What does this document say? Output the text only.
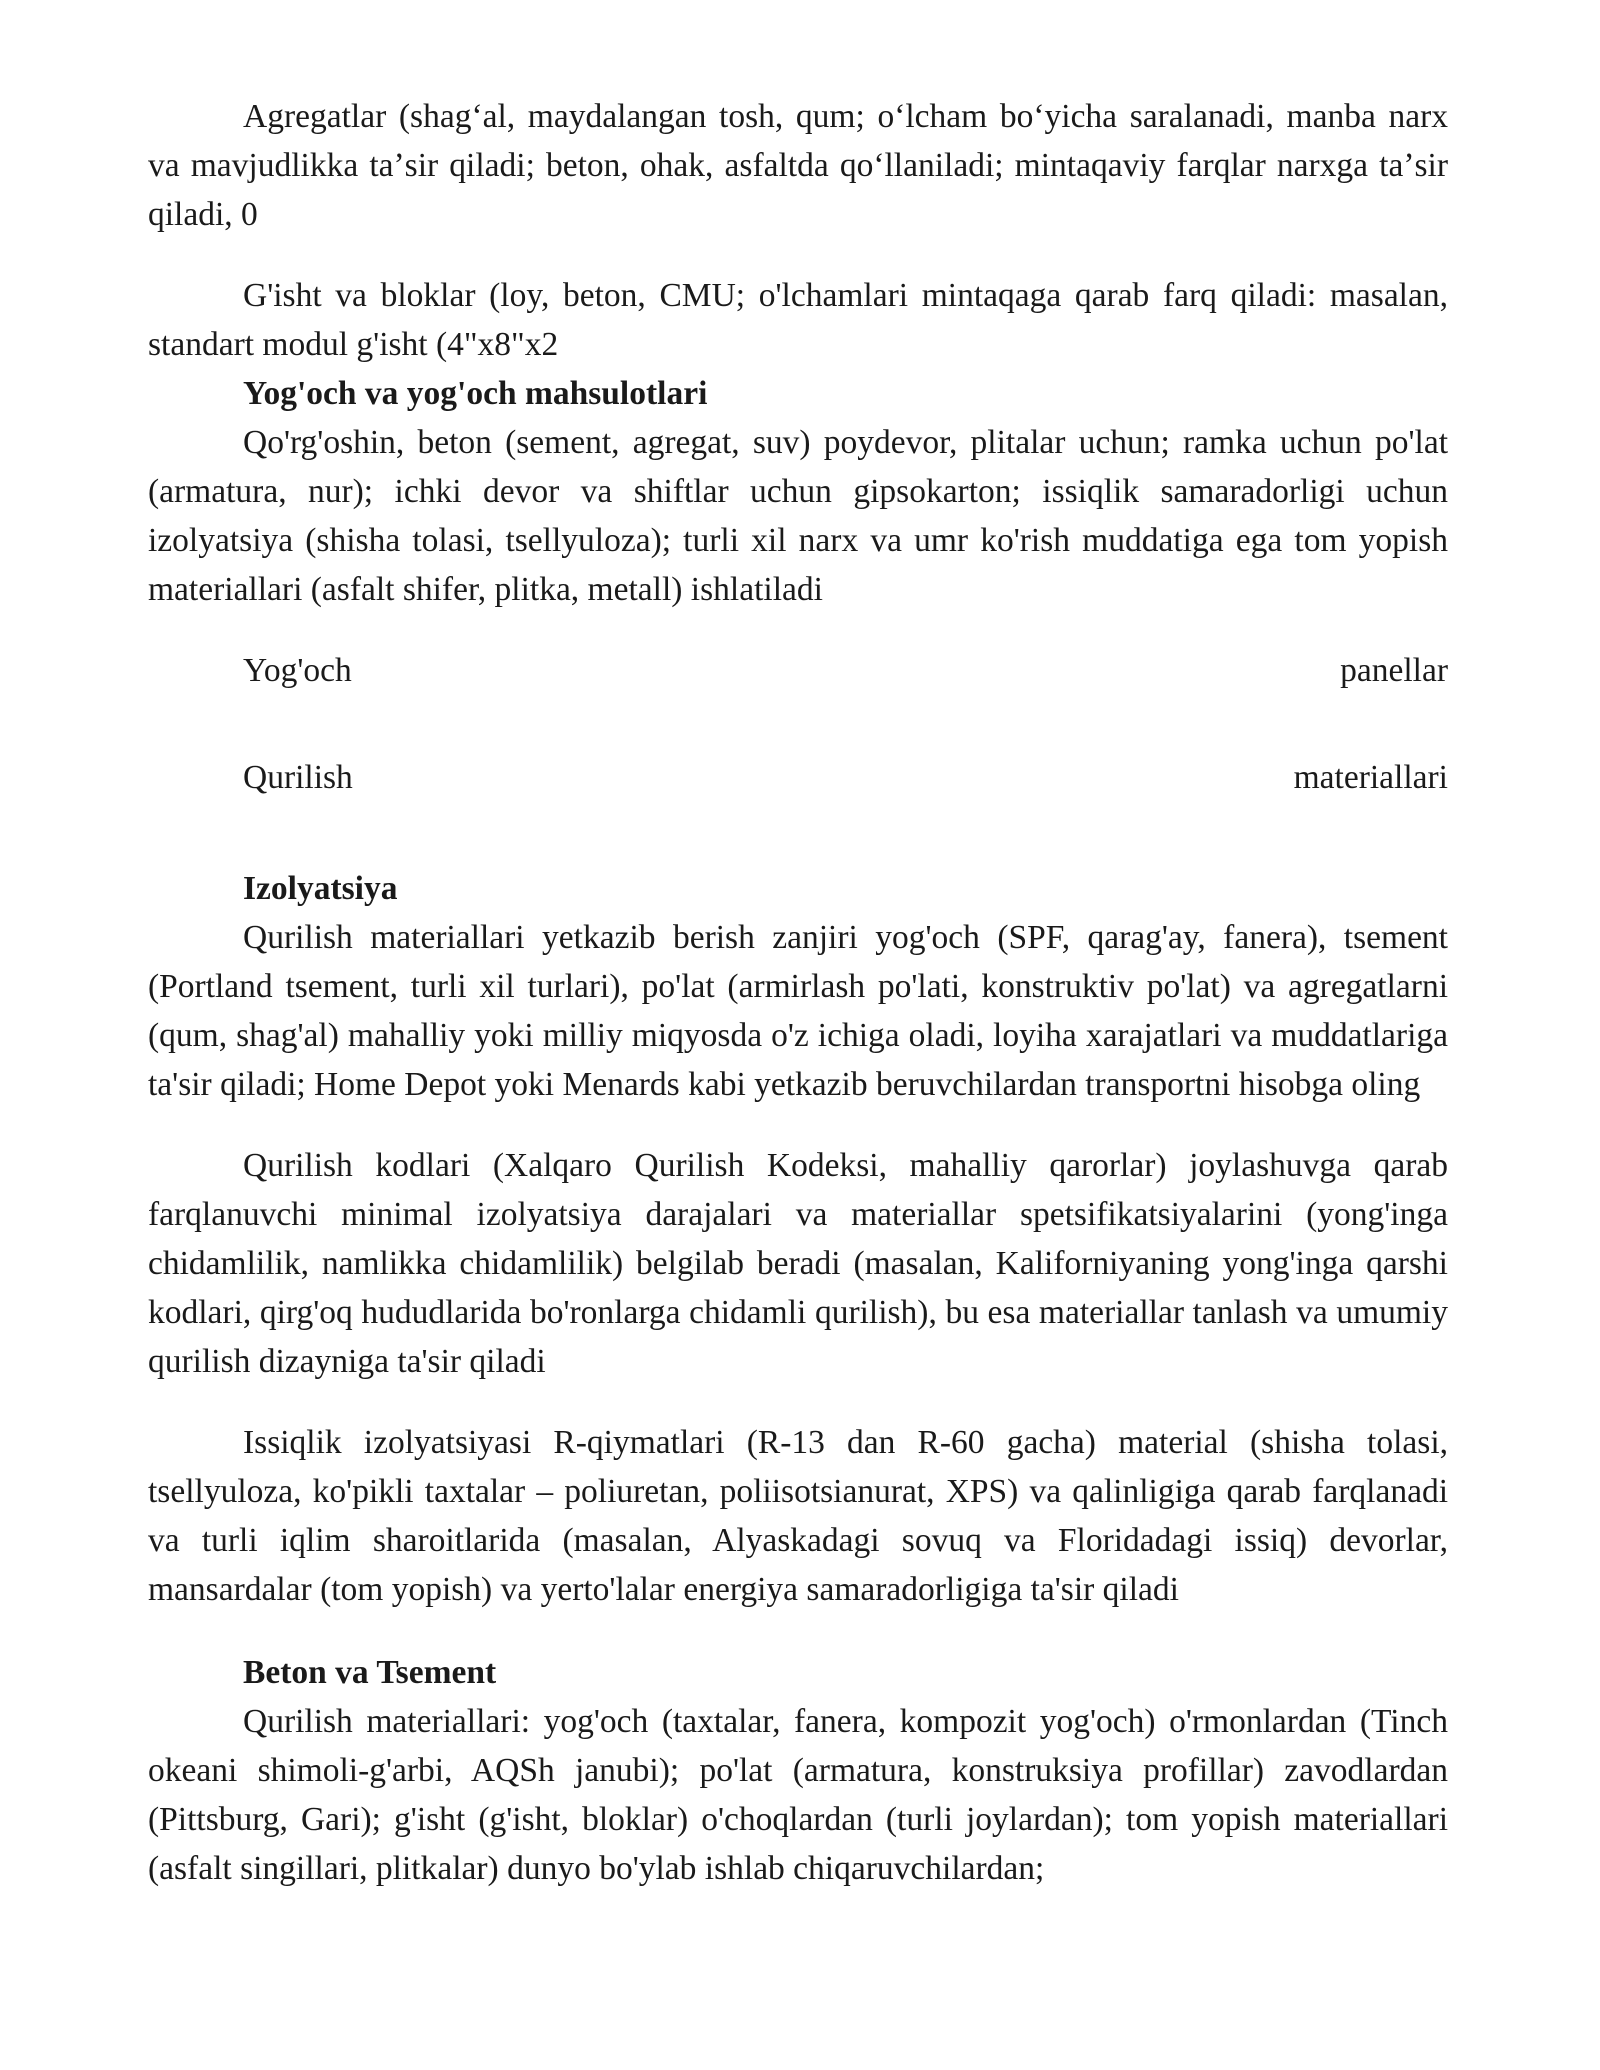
Agregatlar (shagʻal, maydalangan tosh, qum; oʻlcham boʻyicha saralanadi, manba narx va mavjudlikka taʼsir qiladi; beton, ohak, asfaltda qoʻllaniladi; mintaqaviy farqlar narxga taʼsir qiladi, 0

G'isht va bloklar (loy, beton, CMU; o'lchamlari mintaqaga qarab farq qiladi: masalan, standart modul g'isht (4"x8"x2

Yog'och va yog'och mahsulotlari

Qo'rg'oshin, beton (sement, agregat, suv) poydevor, plitalar uchun; ramka uchun po'lat (armatura, nur); ichki devor va shiftlar uchun gipsokarton; issiqlik samaradorligi uchun izolyatsiya (shisha tolasi, tsellyuloza); turli xil narx va umr ko'rish muddatiga ega tom yopish materiallari (asfalt shifer, plitka, metall) ishlatiladi

Yog'och	panellar
Qurilish	materiallari
Izolyatsiya

Qurilish materiallari yetkazib berish zanjiri yog'och (SPF, qarag'ay, fanera), tsement (Portland tsement, turli xil turlari), po'lat (armirlash po'lati, konstruktiv po'lat) va agregatlarni (qum, shag'al) mahalliy yoki milliy miqyosda o'z ichiga oladi, loyiha xarajatlari va muddatlariga ta'sir qiladi; Home Depot yoki Menards kabi yetkazib beruvchilardan transportni hisobga oling

Qurilish kodlari (Xalqaro Qurilish Kodeksi, mahalliy qarorlar) joylashuvga qarab farqlanuvchi minimal izolyatsiya darajalari va materiallar spetsifikatsiyalarini (yong'inga chidamlilik, namlikka chidamlilik) belgilab beradi (masalan, Kaliforniyaning yong'inga qarshi kodlari, qirg'oq hududlarida bo'ronlarga chidamli qurilish), bu esa materiallar tanlash va umumiy qurilish dizayniga ta'sir qiladi

Issiqlik izolyatsiyasi R-qiymatlari (R-13 dan R-60 gacha) material (shisha tolasi, tsellyuloza, ko'pikli taxtalar – poliuretan, poliisotsianurat, XPS) va qalinligiga qarab farqlanadi va turli iqlim sharoitlarida (masalan, Alyaskadagi sovuq va Floridadagi issiq) devorlar, mansardalar (tom yopish) va yerto'lalar energiya samaradorligiga ta'sir qiladi

Beton va Tsement

Qurilish materiallari: yog'och (taxtalar, fanera, kompozit yog'och) o'rmonlardan (Tinch okeani shimoli-g'arbi, AQSh janubi); po'lat (armatura, konstruksiya profillar) zavodlardan (Pittsburg, Gari); g'isht (g'isht, bloklar) o'choqlardan (turli joylardan); tom yopish materiallari (asfalt singillari, plitkalar) dunyo bo'ylab ishlab chiqaruvchilardan;
